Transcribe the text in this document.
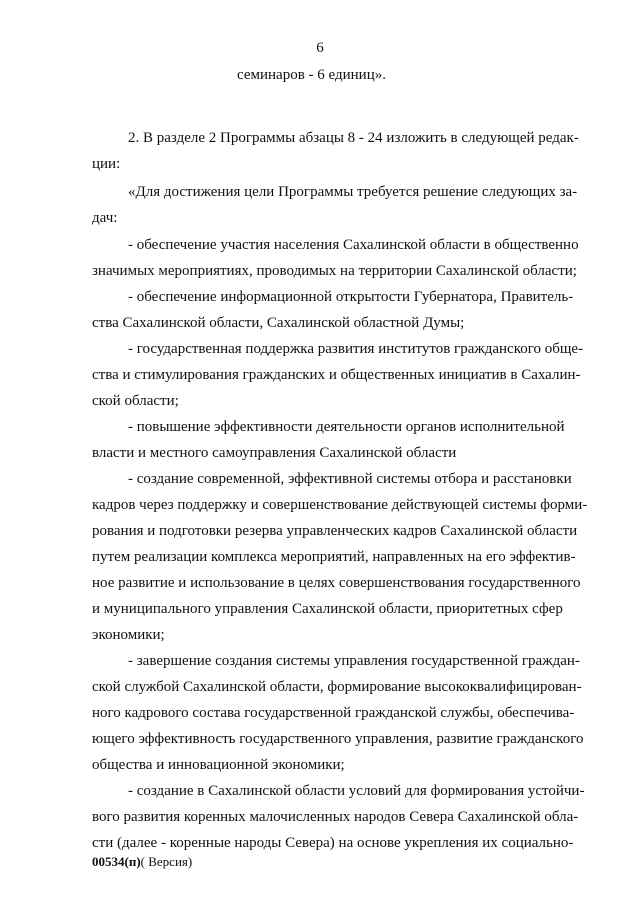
6
семинаров - 6 единиц».
2. В разделе 2 Программы абзацы 8 - 24 изложить в следующей редак-
ции:
«Для достижения цели Программы требуется решение следующих за-
дач:
- обеспечение участия населения Сахалинской области в общественно
значимых мероприятиях, проводимых на территории Сахалинской области;
- обеспечение информационной открытости Губернатора, Правитель-
ства Сахалинской области, Сахалинской областной Думы;
- государственная поддержка развития институтов гражданского обще-
ства и стимулирования гражданских и общественных инициатив в Сахалин-
ской области;
- повышение эффективности деятельности органов исполнительной
власти и местного самоуправления Сахалинской области
- создание современной, эффективной системы отбора и расстановки
кадров через поддержку и совершенствование действующей системы форми-
рования и подготовки резерва управленческих кадров Сахалинской области
путем реализации комплекса мероприятий, направленных на его эффектив-
ное развитие и использование в целях совершенствования государственного
и муниципального управления Сахалинской области, приоритетных сфер
экономики;
- завершение создания системы управления государственной граждан-
ской службой Сахалинской области, формирование высококвалифицирован-
ного кадрового состава государственной гражданской службы, обеспечива-
ющего эффективность государственного управления, развитие гражданского
общества и инновационной экономики;
- создание в Сахалинской области условий для формирования устойчи-
вого развития коренных малочисленных народов Севера Сахалинской обла-
сти (далее - коренные народы Севера) на основе укрепления их социально-
00534(п)( Версия)
